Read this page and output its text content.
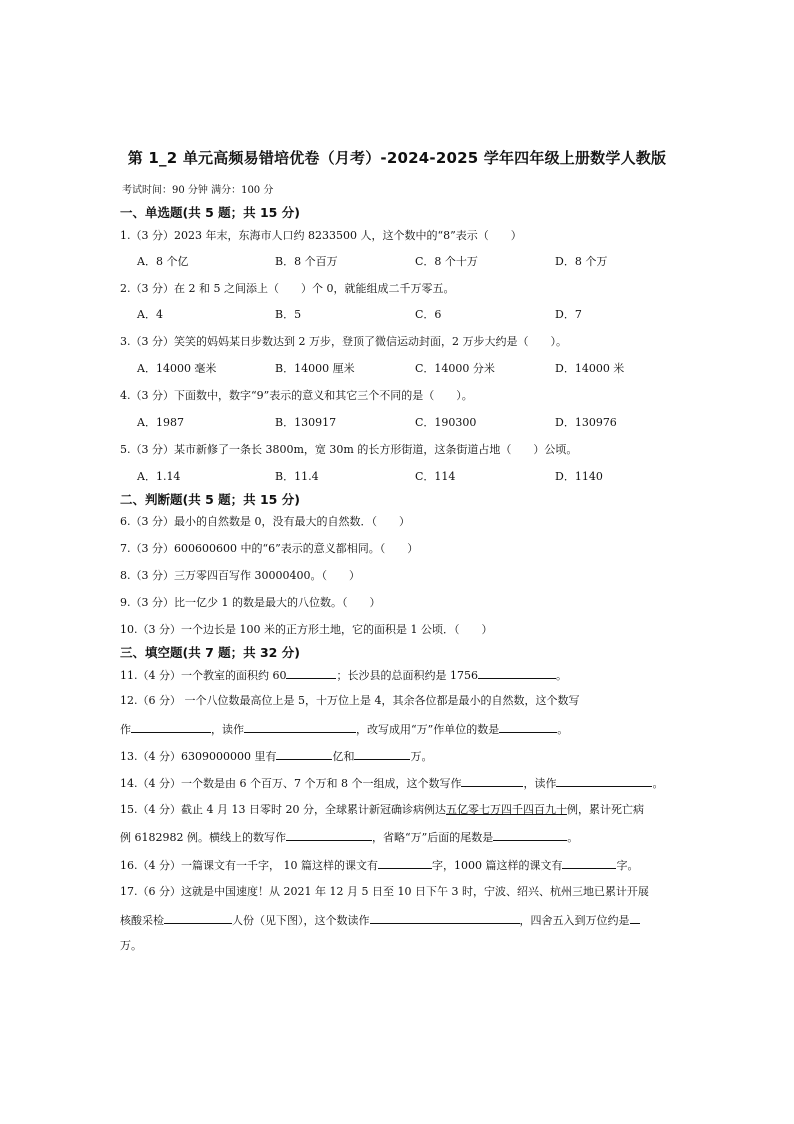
第 1_2 单元高频易错培优卷（月考）-2024-2025 学年四年级上册数学人教版
考试时间：90 分钟 满分：100 分
一、单选题(共 5 题；共 15 分)
1.（3 分）2023 年末，东海市人口约 8233500 人，这个数中的“8”表示（　　）
A．8 个亿	B．8 个百万	C．8 个十万	D．8 个万
2.（3 分）在 2 和 5 之间添上（　　）个 0，就能组成二千万零五。
A．4	B．5	C．6	D．7
3.（3 分）笑笑的妈妈某日步数达到 2 万步，登顶了微信运动封面，2 万步大约是（　　）。
A．14000 毫米	B．14000 厘米	C．14000 分米	D．14000 米
4.（3 分）下面数中，数字“9”表示的意义和其它三个不同的是（　　）。
A．1987	B．130917	C．190300	D．130976
5.（3 分）某市新修了一条长 3800m，宽 30m 的长方形街道，这条街道占地（　　）公顷。
A．1.14	B．11.4	C．114	D．1140
二、判断题(共 5 题；共 15 分)
6.（3 分）最小的自然数是 0，没有最大的自然数．（　　）
7.（3 分）600600600 中的“6”表示的意义都相同。（　　）
8.（3 分）三万零四百写作 30000400。（　　）
9.（3 分）比一亿少 1 的数是最大的八位数。（　　）
10.（3 分）一个边长是 100 米的正方形土地，它的面积是 1 公顷．（　　）
三、填空题(共 7 题；共 32 分)
11.（4 分）一个教室的面积约 60	；长沙县的总面积约是 1756	。
12.（6 分） 一个八位数最高位上是 5，十万位上是 4，其余各位都是最小的自然数，这个数写
作	，读作	，改写成用“万”作单位的数是	。
13.（4 分）6309000000 里有	亿和	万。
14.（4 分）一个数是由 6 个百万、7 个万和 8 个一组成，这个数写作	，读作	。
15.（4 分）截止 4 月 13 日零时 20 分，全球累计新冠确诊病例达五亿零七万四千四百九十例，累计死亡病
例 6182982 例。横线上的数写作	，省略“万”后面的尾数是	。
16.（4 分）一篇课文有一千字， 10 篇这样的课文有	字，1000 篇这样的课文有	字。
17.（6 分）这就是中国速度！从 2021 年 12 月 5 日至 10 日下午 3 时，宁波、绍兴、杭州三地已累计开展
核酸采检	人份（见下图），这个数读作	，四舍五入到万位约是
万。
